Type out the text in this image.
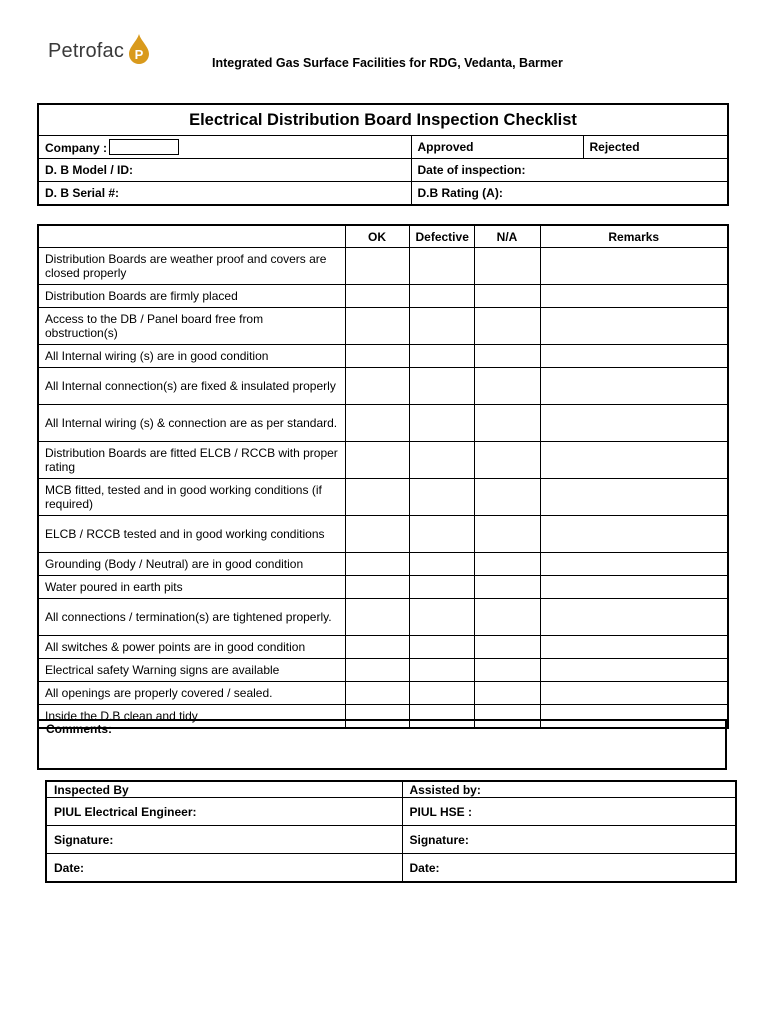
Petrofac P
Integrated Gas Surface Facilities for RDG, Vedanta, Barmer
Electrical Distribution Board Inspection Checklist		
Company :	Approved	Rejected
D. B Model / ID:	Date of inspection:	
D. B Serial #:	D.B Rating (A):	
	OK	Defective	N/A	Remarks
Distribution Boards are weather proof and covers are closed properly				
Distribution Boards are firmly placed				
Access to the DB / Panel board free from obstruction(s)				
All Internal wiring (s) are in good condition				
All Internal connection(s) are fixed & insulated properly				
All Internal wiring (s) & connection are as per standard.				
Distribution Boards are fitted ELCB / RCCB with proper rating				
MCB fitted, tested and in good working conditions (if required)				
ELCB / RCCB tested and in good working conditions				
Grounding (Body / Neutral) are in good condition				
Water poured in earth pits				
All connections / termination(s) are tightened properly.				
All switches & power points are in good condition				
Electrical safety Warning signs are available				
All openings are properly covered / sealed.				
Inside the D.B clean and tidy				
Comments:
Inspected By	Assisted by:
PIUL Electrical Engineer:	PIUL HSE :
Signature:	Signature:
Date:	Date:
